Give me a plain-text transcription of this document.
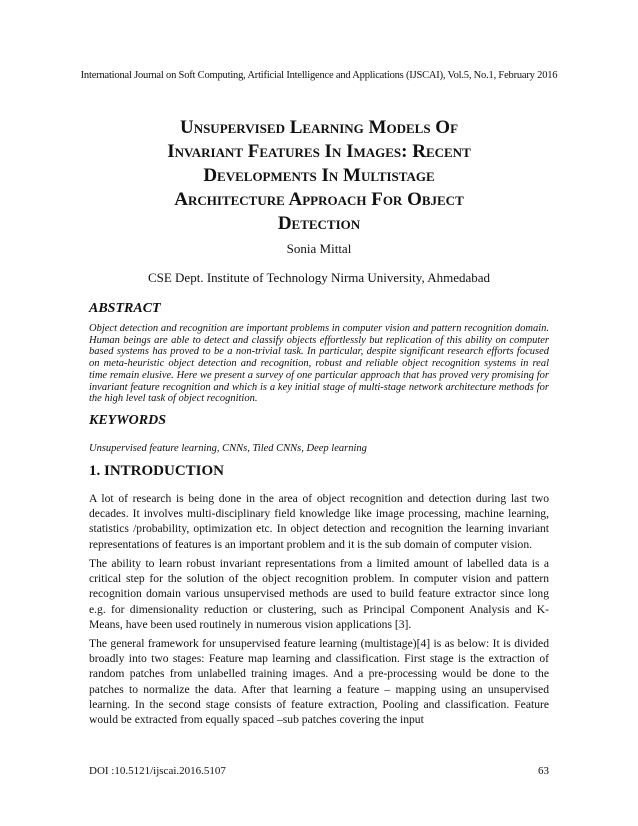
International Journal on Soft Computing, Artificial Intelligence and Applications (IJSCAI), Vol.5, No.1, February 2016
Unsupervised Learning Models Of
Invariant Features In Images: Recent
Developments In Multistage
Architecture Approach For Object
Detection
Sonia Mittal
CSE Dept. Institute of Technology Nirma University, Ahmedabad
ABSTRACT
Object detection and recognition are important problems in computer vision and pattern recognition domain. Human beings are able to detect and classify objects effortlessly but replication of this ability on computer based systems has proved to be a non-trivial task. In particular, despite significant research efforts focused on meta-heuristic object detection and recognition, robust and reliable object recognition systems in real time remain elusive. Here we present a survey of one particular approach that has proved very promising for invariant feature recognition and which is a key initial stage of multi-stage network architecture methods for the high level task of object recognition.
KEYWORDS
Unsupervised feature learning, CNNs, Tiled CNNs, Deep learning
1. INTRODUCTION
A lot of research is being done in the area of object recognition and detection during last two decades. It involves multi-disciplinary field knowledge like image processing, machine learning, statistics /probability, optimization etc. In object detection and recognition the learning invariant representations of features is an important problem and it is the sub domain of computer vision.
The ability to learn robust invariant representations from a limited amount of labelled data is a critical step for the solution of the object recognition problem. In computer vision and pattern recognition domain various unsupervised methods are used to build feature extractor since long e.g. for dimensionality reduction or clustering, such as Principal Component Analysis and K-Means, have been used routinely in numerous vision applications [3].
The general framework for unsupervised feature learning (multistage)[4] is as below: It is divided broadly into two stages: Feature map learning and classification. First stage is the extraction of random patches from unlabelled training images. And a pre-processing would be done to the patches to normalize the data. After that learning a feature – mapping using an unsupervised learning. In the second stage consists of feature extraction, Pooling and classification. Feature would be extracted from equally spaced –sub patches covering the input
DOI :10.5121/ijscai.2016.5107	63
